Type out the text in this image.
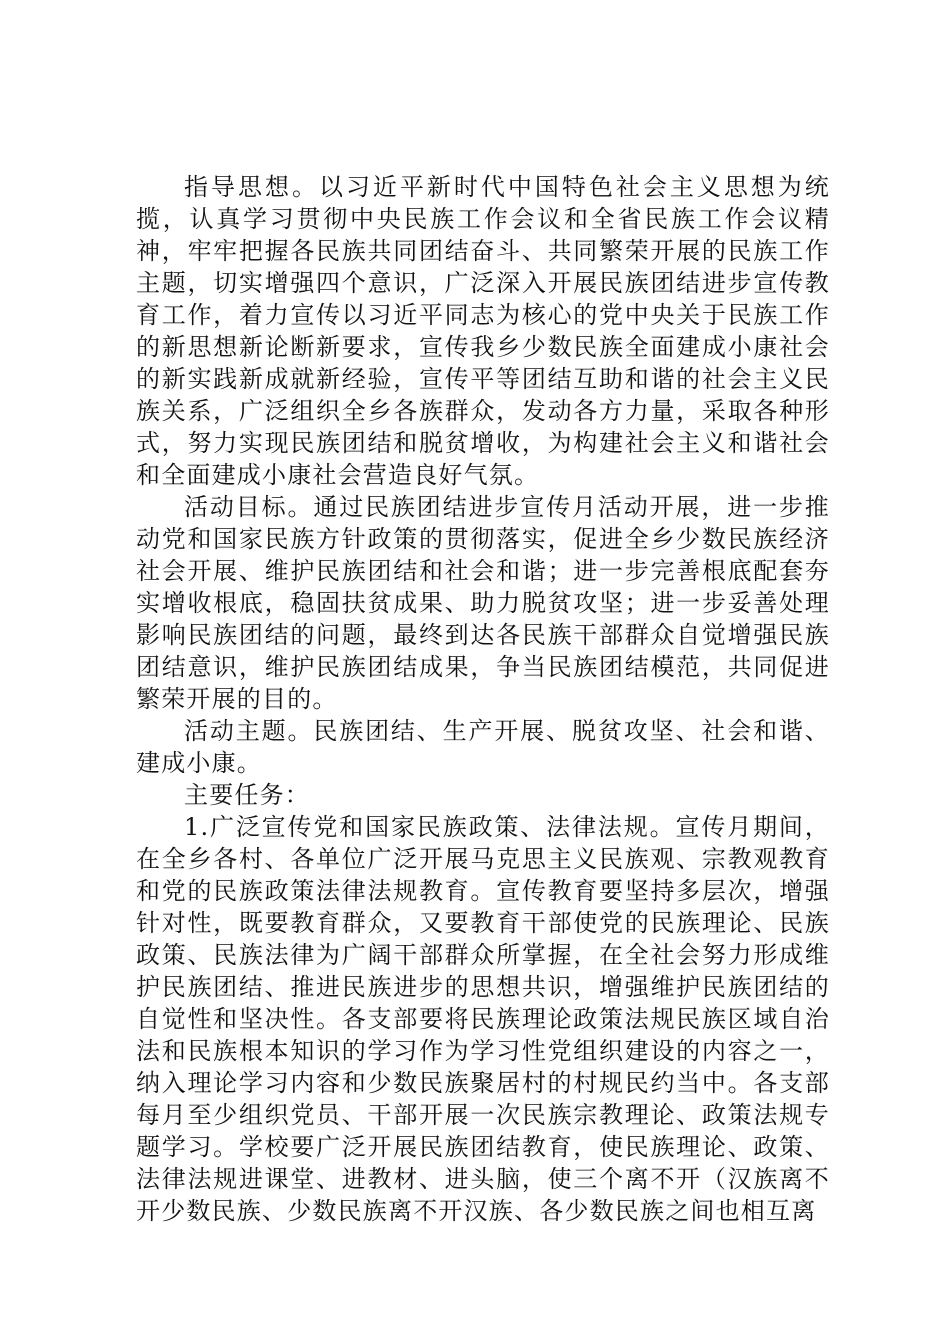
指导思想。以习近平新时代中国特色社会主义思想为统揽，认真学习贯彻中央民族工作会议和全省民族工作会议精神，牢牢把握各民族共同团结奋斗、共同繁荣开展的民族工作主题，切实增强四个意识，广泛深入开展民族团结进步宣传教育工作，着力宣传以习近平同志为核心的党中央关于民族工作的新思想新论断新要求，宣传我乡少数民族全面建成小康社会的新实践新成就新经验，宣传平等团结互助和谐的社会主义民族关系，广泛组织全乡各族群众，发动各方力量，采取各种形式，努力实现民族团结和脱贫增收，为构建社会主义和谐社会和全面建成小康社会营造良好气氛。

活动目标。通过民族团结进步宣传月活动开展，进一步推动党和国家民族方针政策的贯彻落实，促进全乡少数民族经济社会开展、维护民族团结和社会和谐；进一步完善根底配套夯实增收根底，稳固扶贫成果、助力脱贫攻坚；进一步妥善处理影响民族团结的问题，最终到达各民族干部群众自觉增强民族团结意识，维护民族团结成果，争当民族团结模范，共同促进繁荣开展的目的。

活动主题。民族团结、生产开展、脱贫攻坚、社会和谐、建成小康。

主要任务：

1.广泛宣传党和国家民族政策、法律法规。宣传月期间，在全乡各村、各单位广泛开展马克思主义民族观、宗教观教育和党的民族政策法律法规教育。宣传教育要坚持多层次，增强针对性，既要教育群众，又要教育干部使党的民族理论、民族政策、民族法律为广阔干部群众所掌握，在全社会努力形成维护民族团结、推进民族进步的思想共识，增强维护民族团结的自觉性和坚决性。各支部要将民族理论政策法规民族区域自治法和民族根本知识的学习作为学习性党组织建设的内容之一，纳入理论学习内容和少数民族聚居村的村规民约当中。各支部每月至少组织党员、干部开展一次民族宗教理论、政策法规专题学习。学校要广泛开展民族团结教育，使民族理论、政策、法律法规进课堂、进教材、进头脑，使三个离不开（汉族离不开少数民族、少数民族离不开汉族、各少数民族之间也相互离
